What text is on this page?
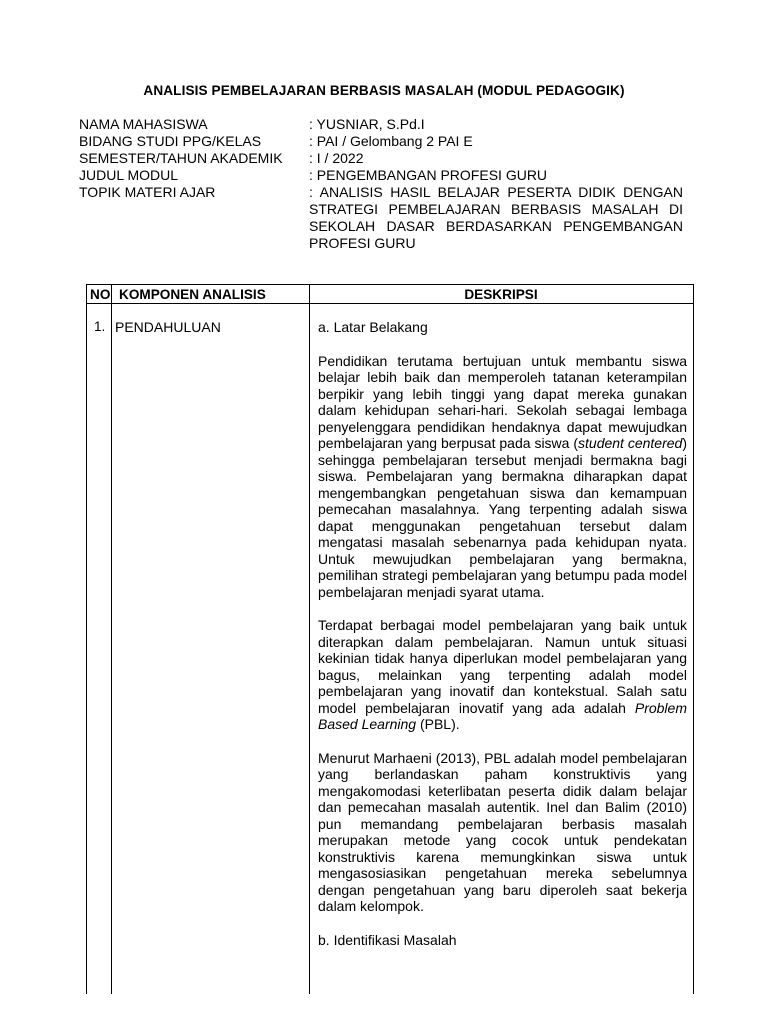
ANALISIS PEMBELAJARAN BERBASIS MASALAH (MODUL PEDAGOGIK)
NAMA MAHASISWA	: YUSNIAR, S.Pd.I
BIDANG STUDI PPG/KELAS	: PAI / Gelombang 2 PAI E
SEMESTER/TAHUN AKADEMIK	: I / 2022
JUDUL MODUL	: PENGEMBANGAN PROFESI GURU
TOPIK MATERI AJAR	: ANALISIS HASIL BELAJAR PESERTA DIDIK DENGAN STRATEGI PEMBELAJARAN BERBASIS MASALAH DI SEKOLAH DASAR BERDASARKAN PENGEMBANGAN PROFESI GURU
NO KOMPONEN ANALISIS	DESKRIPSI
1. PENDAHULUAN	a. Latar Belakang

Pendidikan terutama bertujuan untuk membantu siswa belajar lebih baik dan memperoleh tatanan keterampilan berpikir yang lebih tinggi yang dapat mereka gunakan dalam kehidupan sehari-hari. Sekolah sebagai lembaga penyelenggara pendidikan hendaknya dapat mewujudkan pembelajaran yang berpusat pada siswa (student centered) sehingga pembelajaran tersebut menjadi bermakna bagi siswa. Pembelajaran yang bermakna diharapkan dapat mengembangkan pengetahuan siswa dan kemampuan pemecahan masalahnya. Yang terpenting adalah siswa dapat menggunakan pengetahuan tersebut dalam mengatasi masalah sebenarnya pada kehidupan nyata. Untuk mewujudkan pembelajaran yang bermakna, pemilihan strategi pembelajaran yang betumpu pada model pembelajaran menjadi syarat utama.

Terdapat berbagai model pembelajaran yang baik untuk diterapkan dalam pembelajaran. Namun untuk situasi kekinian tidak hanya diperlukan model pembelajaran yang bagus, melainkan yang terpenting adalah model pembelajaran yang inovatif dan kontekstual. Salah satu model pembelajaran inovatif yang ada adalah Problem Based Learning (PBL).

Menurut Marhaeni (2013), PBL adalah model pembelajaran yang berlandaskan paham konstruktivis yang mengakomodasi keterlibatan peserta didik dalam belajar dan pemecahan masalah autentik. Inel dan Balim (2010) pun memandang pembelajaran berbasis masalah merupakan metode yang cocok untuk pendekatan konstruktivis karena memungkinkan siswa untuk mengasosiasikan pengetahuan mereka sebelumnya dengan pengetahuan yang baru diperoleh saat bekerja dalam kelompok.

b. Identifikasi Masalah
